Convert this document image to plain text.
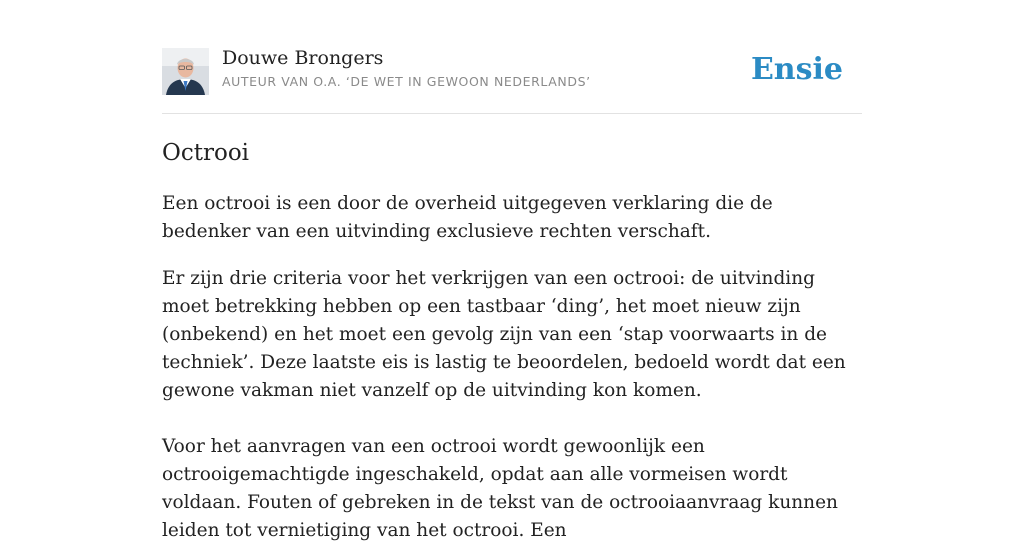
Douwe Brongers
AUTEUR VAN O.A. ‘DE WET IN GEWOON NEDERLANDS’	Ensie
Octrooi

Een octrooi is een door de overheid uitgegeven verklaring die de bedenker van een uitvinding exclusieve rechten verschaft.

Er zijn drie criteria voor het verkrijgen van een octrooi: de uitvinding moet betrekking hebben op een tastbaar ‘ding’, het moet nieuw zijn (onbekend) en het moet een gevolg zijn van een ‘stap voorwaarts in de techniek’. Deze laatste eis is lastig te beoordelen, bedoeld wordt dat een gewone vakman niet vanzelf op de uitvinding kon komen.

Voor het aanvragen van een octrooi wordt gewoonlijk een octrooigemachtigde ingeschakeld, opdat aan alle vormeisen wordt voldaan. Fouten of gebreken in de tekst van de octrooiaanvraag kunnen leiden tot vernietiging van het octrooi. Een
